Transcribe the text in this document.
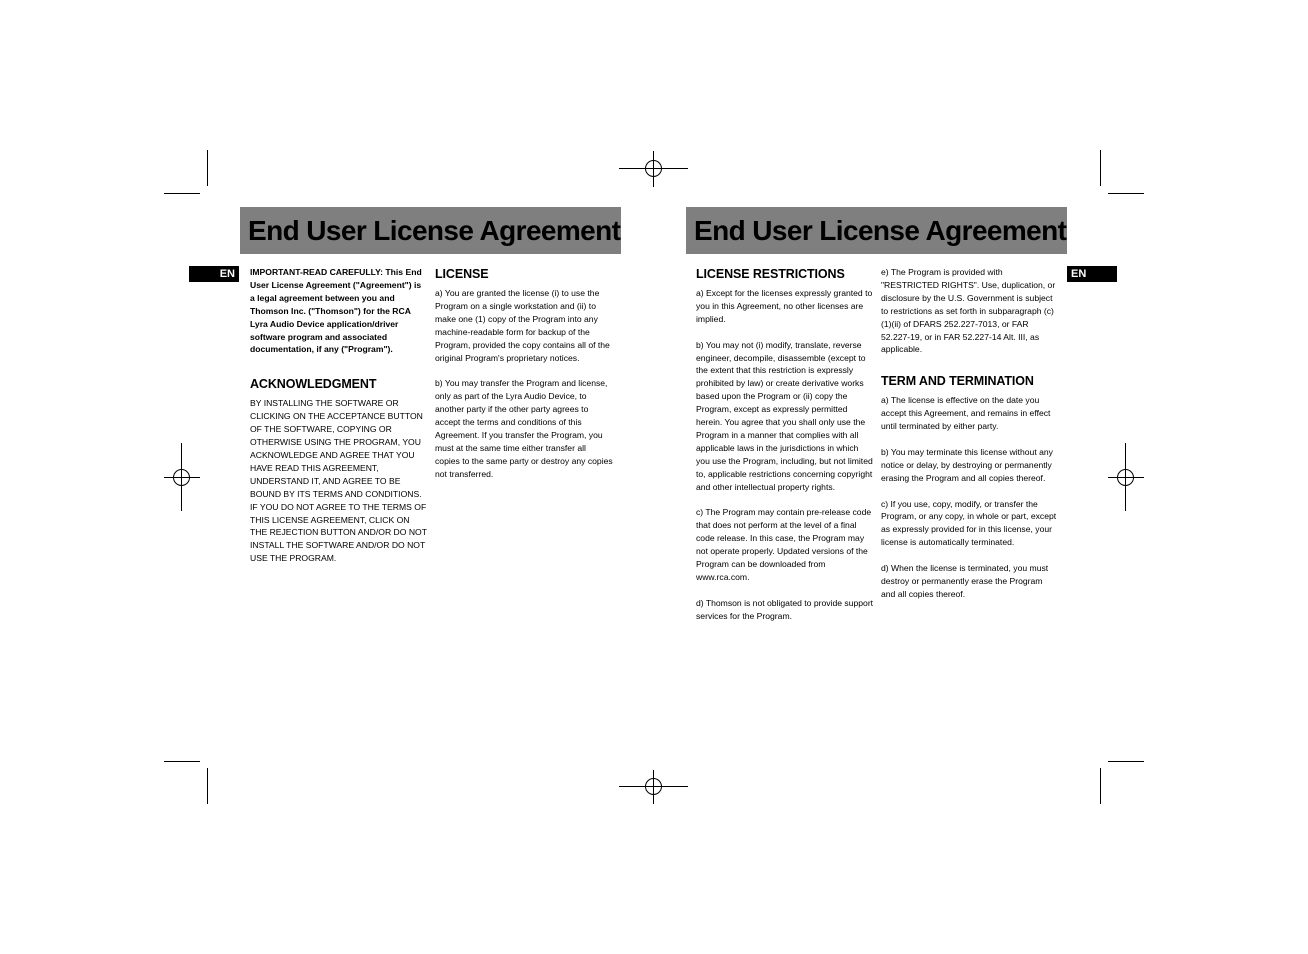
End User License Agreement
EN	IMPORTANT-READ CAREFULLY: This End User License Agreement ("Agreement") is a legal agreement between you and Thomson Inc. ("Thomson") for the RCA Lyra Audio Device application/driver software program and associated documentation, if any ("Program").

ACKNOWLEDGMENT

BY INSTALLING THE SOFTWARE OR CLICKING ON THE ACCEPTANCE BUTTON OF THE SOFTWARE, COPYING OR OTHERWISE USING THE PROGRAM, YOU ACKNOWLEDGE AND AGREE THAT YOU HAVE READ THIS AGREEMENT, UNDERSTAND IT, AND AGREE TO BE BOUND BY ITS TERMS AND CONDITIONS. IF YOU DO NOT AGREE TO THE TERMS OF THIS LICENSE AGREEMENT, CLICK ON THE REJECTION BUTTON AND/OR DO NOT INSTALL THE SOFTWARE AND/OR DO NOT USE THE PROGRAM.

LICENSE

a) You are granted the license (i) to use the Program on a single workstation and (ii) to make one (1) copy of the Program into any machine-readable form for backup of the Program, provided the copy contains all of the original Program's proprietary notices.

b) You may transfer the Program and license, only as part of the Lyra Audio Device, to another party if the other party agrees to accept the terms and conditions of this Agreement. If you transfer the Program, you must at the same time either transfer all copies to the same party or destroy any copies not transferred.

End User License Agreement
EN
LICENSE RESTRICTIONS

a) Except for the licenses expressly granted to you in this Agreement, no other licenses are implied.

b) You may not (i) modify, translate, reverse engineer, decompile, disassemble (except to the extent that this restriction is expressly prohibited by law) or create derivative works based upon the Program or (ii) copy the Program, except as expressly permitted herein. You agree that you shall only use the Program in a manner that complies with all applicable laws in the jurisdictions in which you use the Program, including, but not limited to, applicable restrictions concerning copyright and other intellectual property rights.

c) The Program may contain pre-release code that does not perform at the level of a final code release. In this case, the Program may not operate properly. Updated versions of the Program can be downloaded from www.rca.com.

d) Thomson is not obligated to provide support services for the Program.

e) The Program is provided with "RESTRICTED RIGHTS". Use, duplication, or disclosure by the U.S. Government is subject to restrictions as set forth in subparagraph (c)(1)(ii) of DFARS 252.227-7013, or FAR 52.227-19, or in FAR 52.227-14 Alt. III, as applicable.

TERM AND TERMINATION

a) The license is effective on the date you accept this Agreement, and remains in effect until terminated by either party.

b) You may terminate this license without any notice or delay, by destroying or permanently erasing the Program and all copies thereof.

c) If you use, copy, modify, or transfer the Program, or any copy, in whole or part, except as expressly provided for in this license, your license is automatically terminated.

d) When the license is terminated, you must destroy or permanently erase the Program and all copies thereof.
